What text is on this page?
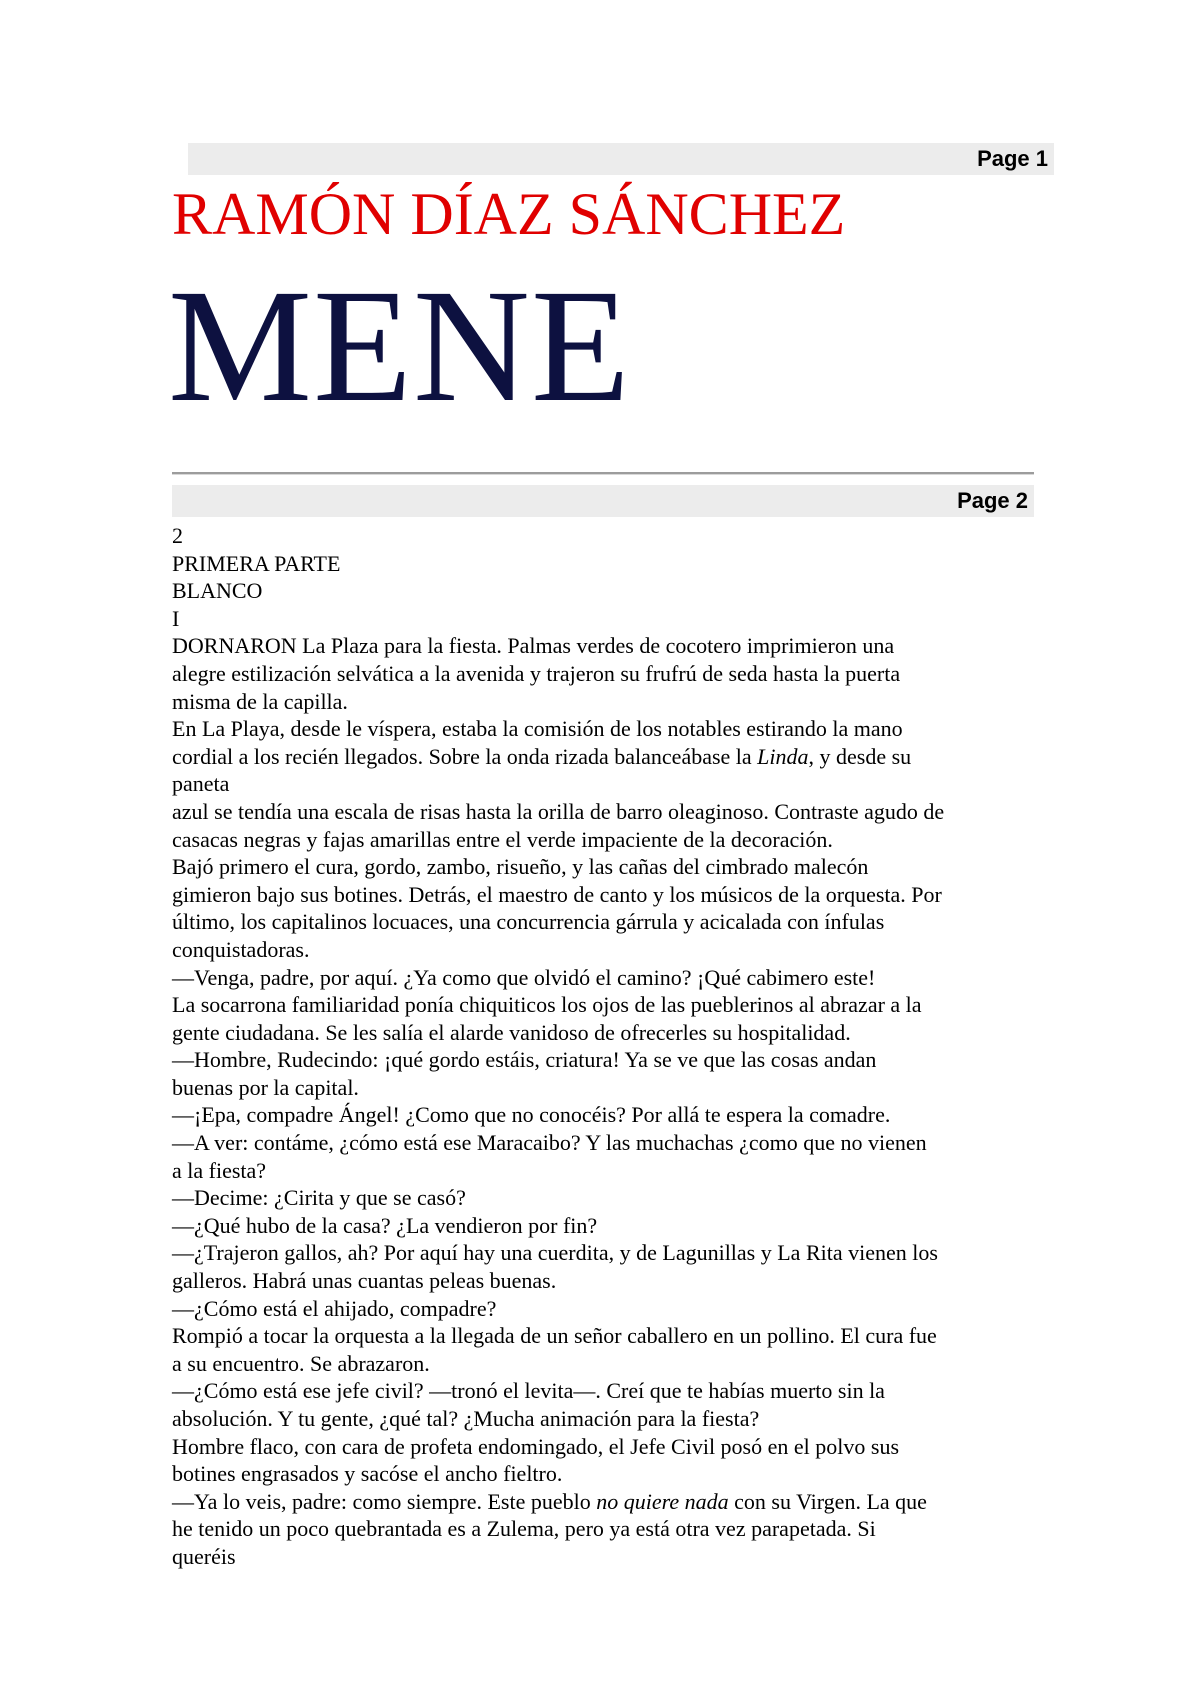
Page 1
RAMÓN DÍAZ SÁNCHEZ
MENE
Page 2

2

PRIMERA PARTE

BLANCO

I

DORNARON La Plaza para la fiesta. Palmas verdes de cocotero imprimieron una

alegre estilización selvática a la avenida y trajeron su frufrú de seda hasta la puerta

misma de la capilla.

En La Playa, desde le víspera, estaba la comisión de los notables estirando la mano

cordial a los recién llegados. Sobre la onda rizada balanceábase la Linda, y desde su

paneta

azul se tendía una escala de risas hasta la orilla de barro oleaginoso. Contraste agudo de

casacas negras y fajas amarillas entre el verde impaciente de la decoración.

Bajó primero el cura, gordo, zambo, risueño, y las cañas del cimbrado malecón

gimieron bajo sus botines. Detrás, el maestro de canto y los músicos de la orquesta. Por

último, los capitalinos locuaces, una concurrencia gárrula y acicalada con ínfulas

conquistadoras.

—Venga, padre, por aquí. ¿Ya como que olvidó el camino? ¡Qué cabimero este!

La socarrona familiaridad ponía chiquiticos los ojos de las pueblerinos al abrazar a la

gente ciudadana. Se les salía el alarde vanidoso de ofrecerles su hospitalidad.

—Hombre, Rudecindo: ¡qué gordo estáis, criatura! Ya se ve que las cosas andan

buenas por la capital.

—¡Epa, compadre Ángel! ¿Como que no conocéis? Por allá te espera la comadre.

—A ver: contáme, ¿cómo está ese Maracaibo? Y las muchachas ¿como que no vienen

a la fiesta?

—Decime: ¿Cirita y que se casó?

—¿Qué hubo de la casa? ¿La vendieron por fin?

—¿Trajeron gallos, ah? Por aquí hay una cuerdita, y de Lagunillas y La Rita vienen los

galleros. Habrá unas cuantas peleas buenas.

—¿Cómo está el ahijado, compadre?

Rompió a tocar la orquesta a la llegada de un señor caballero en un pollino. El cura fue

a su encuentro. Se abrazaron.

—¿Cómo está ese jefe civil? —tronó el levita—. Creí que te habías muerto sin la

absolución. Y tu gente, ¿qué tal? ¿Mucha animación para la fiesta?

Hombre flaco, con cara de profeta endomingado, el Jefe Civil posó en el polvo sus

botines engrasados y sacóse el ancho fieltro.

—Ya lo veis, padre: como siempre. Este pueblo no quiere nada con su Virgen. La que

he tenido un poco quebrantada es a Zulema, pero ya está otra vez parapetada. Si

queréis
